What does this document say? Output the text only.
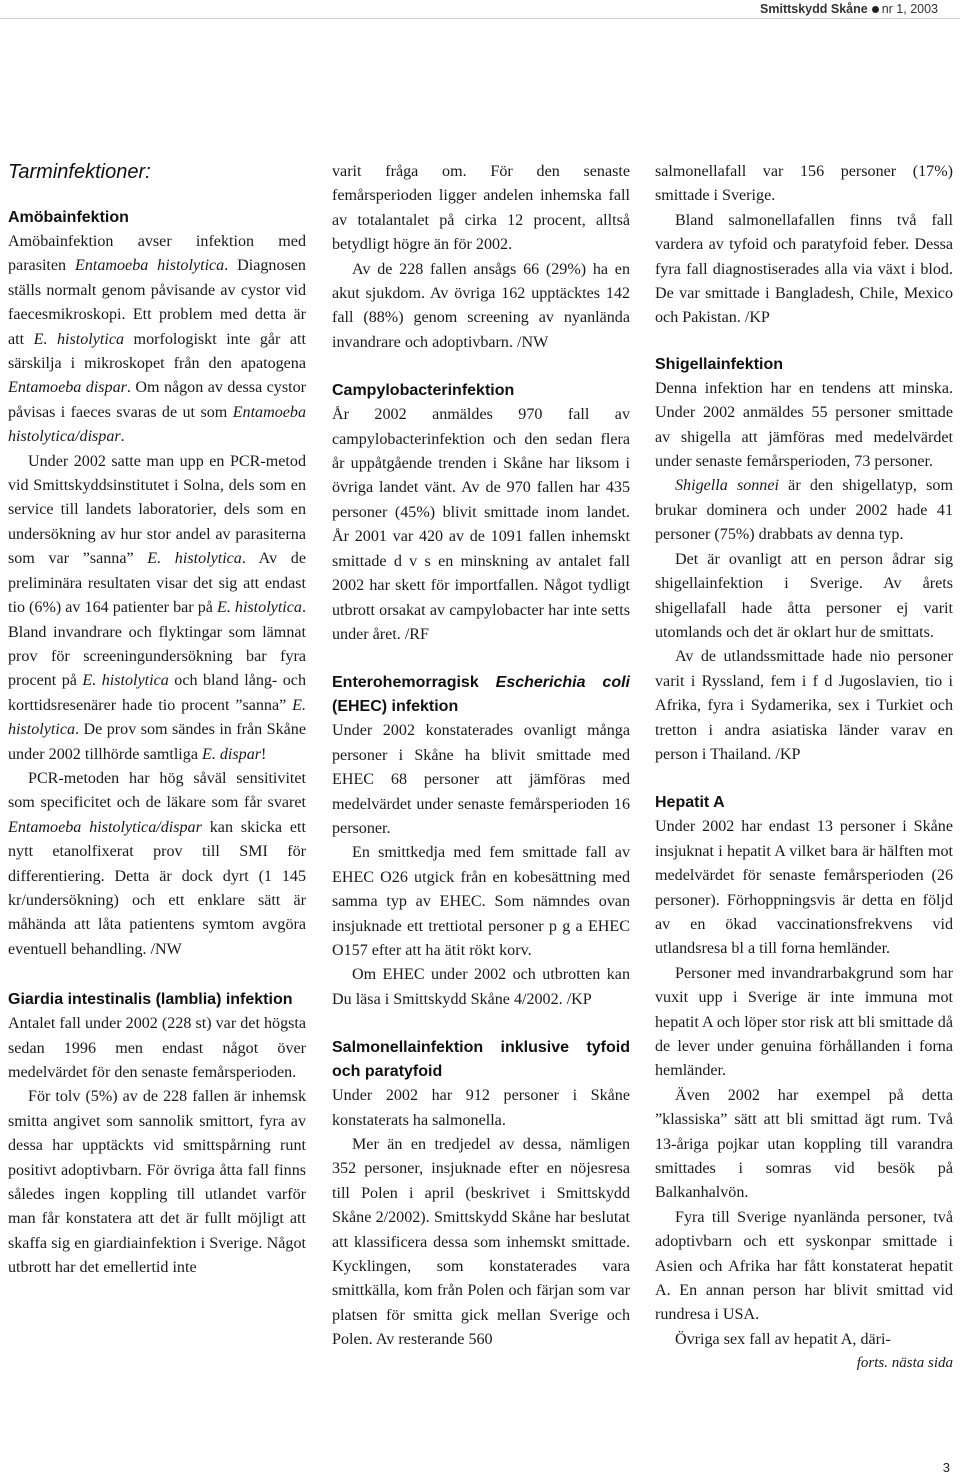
Smittskydd Skåne nr 1, 2003
Tarminfektioner:
Amöbainfektion

Amöbainfektion avser infektion med parasiten Entamoeba histolytica. Diagnosen ställs normalt genom påvisande av cystor vid faecesmikroskopi. Ett problem med detta är att E. histolytica morfologiskt inte går att särskilja i mikroskopet från den apatogena Entamoeba dispar. Om någon av dessa cystor påvisas i faeces svaras de ut som Entamoeba histolytica/dispar.

Under 2002 satte man upp en PCR-metod vid Smittskyddsinstitutet i Solna, dels som en service till landets laboratorier, dels som en undersökning av hur stor andel av parasiterna som var ”sanna” E. histolytica. Av de preliminära resultaten visar det sig att endast tio (6%) av 164 patienter bar på E. histolytica. Bland invandrare och flyktingar som lämnat prov för screeningundersökning bar fyra procent på E. histolytica och bland lång- och korttidsresenärer hade tio procent ”sanna” E. histolytica. De prov som sändes in från Skåne under 2002 tillhörde samtliga E. dispar!

PCR-metoden har hög såväl sensitivitet som specificitet och de läkare som får svaret Entamoeba histolytica/dispar kan skicka ett nytt etanolfixerat prov till SMI för differentiering. Detta är dock dyrt (1 145 kr/undersökning) och ett enklare sätt är måhända att låta patientens symtom avgöra eventuell behandling. /NW

Giardia intestinalis (lamblia) infektion

Antalet fall under 2002 (228 st) var det högsta sedan 1996 men endast något över medelvärdet för den senaste femårsperioden.

För tolv (5%) av de 228 fallen är inhemsk smitta angivet som sannolik smittort, fyra av dessa har upptäckts vid smittspårning runt positivt adoptivbarn. För övriga åtta fall finns således ingen koppling till utlandet varför man får konstatera att det är fullt möjligt att skaffa sig en giardiainfektion i Sverige. Något utbrott har det emellertid inte

varit fråga om. För den senaste femårsperioden ligger andelen inhemska fall av totalantalet på cirka 12 procent, alltså betydligt högre än för 2002.

Av de 228 fallen ansågs 66 (29%) ha en akut sjukdom. Av övriga 162 upptäcktes 142 fall (88%) genom screening av nyanlända invandrare och adoptivbarn. /NW

Campylobacterinfektion

År 2002 anmäldes 970 fall av campylobacterinfektion och den sedan flera år uppåtgående trenden i Skåne har liksom i övriga landet vänt. Av de 970 fallen har 435 personer (45%) blivit smittade inom landet. År 2001 var 420 av de 1091 fallen inhemskt smittade d v s en minskning av antalet fall 2002 har skett för importfallen. Något tydligt utbrott orsakat av campylobacter har inte setts under året. /RF

Enterohemorragisk Escherichia coli (EHEC) infektion

Under 2002 konstaterades ovanligt många personer i Skåne ha blivit smittade med EHEC 68 personer att jämföras med medelvärdet under senaste femårsperioden 16 personer.

En smittkedja med fem smittade fall av EHEC O26 utgick från en kobesättning med samma typ av EHEC. Som nämndes ovan insjuknade ett trettiotal personer p g a EHEC O157 efter att ha ätit rökt korv.

Om EHEC under 2002 och utbrotten kan Du läsa i Smittskydd Skåne 4/2002. /KP

Salmonellainfektion inklusive tyfoid och paratyfoid

Under 2002 har 912 personer i Skåne konstaterats ha salmonella.

Mer än en tredjedel av dessa, nämligen 352 personer, insjuknade efter en nöjesresa till Polen i april (beskrivet i Smittskydd Skåne 2/2002). Smittskydd Skåne har beslutat att klassificera dessa som inhemskt smittade. Kycklingen, som konstaterades vara smittkälla, kom från Polen och färjan som var platsen för smitta gick mellan Sverige och Polen. Av resterande 560

salmonellafall var 156 personer (17%) smittade i Sverige.

Bland salmonellafallen finns två fall vardera av tyfoid och paratyfoid feber. Dessa fyra fall diagnostiserades alla via växt i blod. De var smittade i Bangladesh, Chile, Mexico och Pakistan. /KP

Shigellainfektion

Denna infektion har en tendens att minska. Under 2002 anmäldes 55 personer smittade av shigella att jämföras med medelvärdet under senaste femårsperioden, 73 personer.

Shigella sonnei är den shigellatyp, som brukar dominera och under 2002 hade 41 personer (75%) drabbats av denna typ.

Det är ovanligt att en person ådrar sig shigellainfektion i Sverige. Av årets shigellafall hade åtta personer ej varit utomlands och det är oklart hur de smittats.

Av de utlandssmittade hade nio personer varit i Ryssland, fem i f d Jugoslavien, tio i Afrika, fyra i Sydamerika, sex i Turkiet och tretton i andra asiatiska länder varav en person i Thailand. /KP

Hepatit A

Under 2002 har endast 13 personer i Skåne insjuknat i hepatit A vilket bara är hälften mot medelvärdet för senaste femårsperioden (26 personer). Förhoppningsvis är detta en följd av en ökad vaccinationsfrekvens vid utlandsresa bl a till forna hemländer.

Personer med invandrarbakgrund som har vuxit upp i Sverige är inte immuna mot hepatit A och löper stor risk att bli smittade då de lever under genuina förhållanden i forna hemländer.

Även 2002 har exempel på detta ”klassiska” sätt att bli smittad ägt rum. Två 13-åriga pojkar utan koppling till varandra smittades i somras vid besök på Balkanhalvön.

Fyra till Sverige nyanlända personer, två adoptivbarn och ett syskonpar smittade i Asien och Afrika har fått konstaterat hepatit A. En annan person har blivit smittad vid rundresa i USA.

Övriga sex fall av hepatit A, däri-

forts. nästa sida
3
